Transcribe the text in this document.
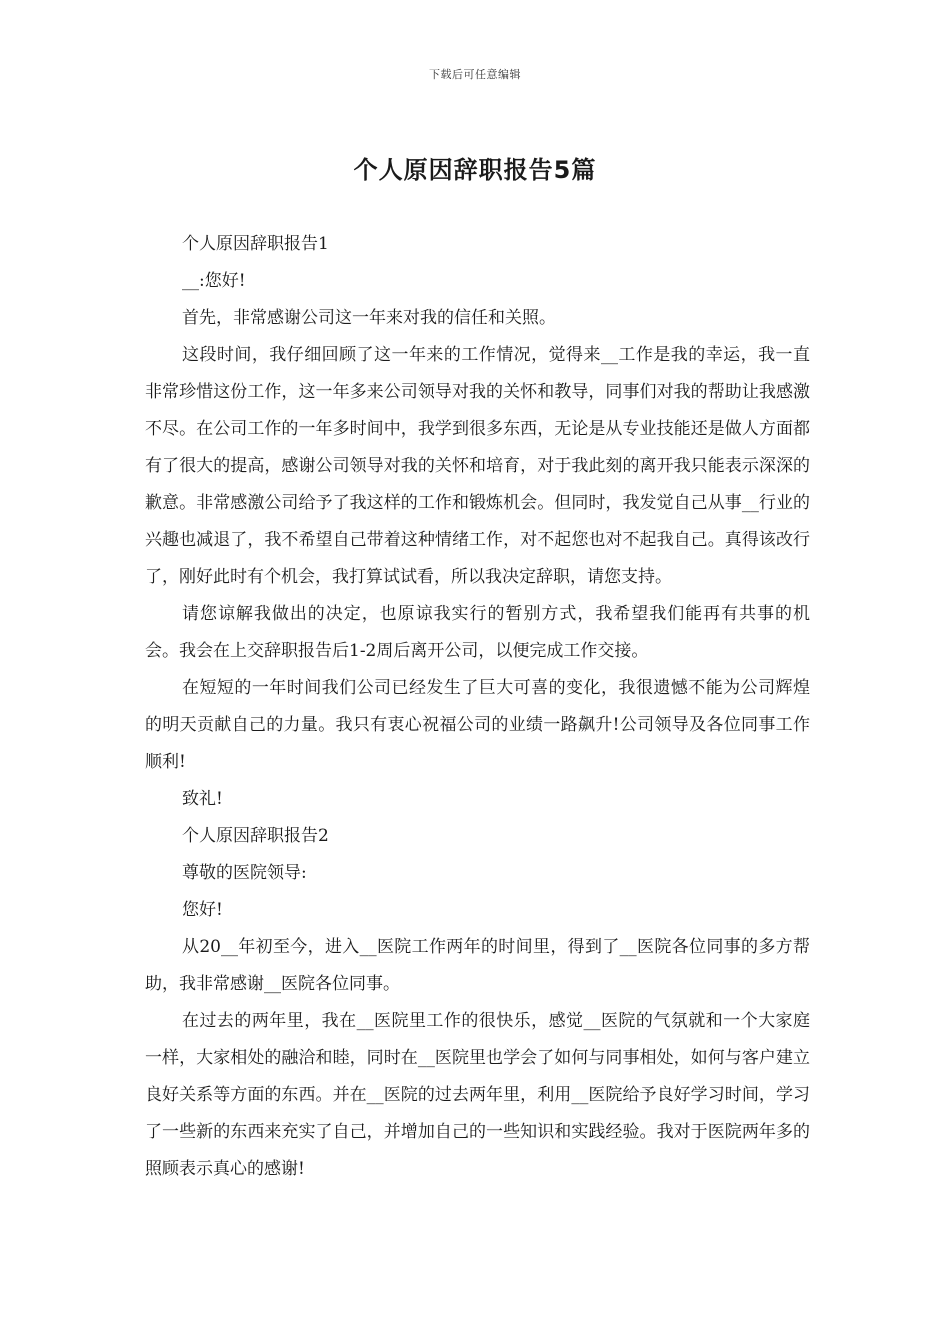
下载后可任意编辑
个人原因辞职报告5篇

个人原因辞职报告1

__:您好!

首先，非常感谢公司这一年来对我的信任和关照。

这段时间，我仔细回顾了这一年来的工作情况，觉得来__工作是我的幸运，我一直非常珍惜这份工作，这一年多来公司领导对我的关怀和教导，同事们对我的帮助让我感激不尽。在公司工作的一年多时间中，我学到很多东西，无论是从专业技能还是做人方面都有了很大的提高，感谢公司领导对我的关怀和培育，对于我此刻的离开我只能表示深深的歉意。非常感激公司给予了我这样的工作和锻炼机会。但同时，我发觉自己从事__行业的兴趣也减退了，我不希望自己带着这种情绪工作，对不起您也对不起我自己。真得该改行了，刚好此时有个机会，我打算试试看，所以我决定辞职，请您支持。

请您谅解我做出的决定，也原谅我实行的暂别方式，我希望我们能再有共事的机会。我会在上交辞职报告后1-2周后离开公司，以便完成工作交接。

在短短的一年时间我们公司已经发生了巨大可喜的变化，我很遗憾不能为公司辉煌的明天贡献自己的力量。我只有衷心祝福公司的业绩一路飙升!公司领导及各位同事工作顺利!

致礼!

个人原因辞职报告2

尊敬的医院领导:

您好!

从20__年初至今，进入__医院工作两年的时间里，得到了__医院各位同事的多方帮助，我非常感谢__医院各位同事。

在过去的两年里，我在__医院里工作的很快乐，感觉__医院的气氛就和一个大家庭一样，大家相处的融洽和睦，同时在__医院里也学会了如何与同事相处，如何与客户建立良好关系等方面的东西。并在__医院的过去两年里，利用__医院给予良好学习时间，学习了一些新的东西来充实了自己，并增加自己的一些知识和实践经验。我对于医院两年多的照顾表示真心的感谢!
